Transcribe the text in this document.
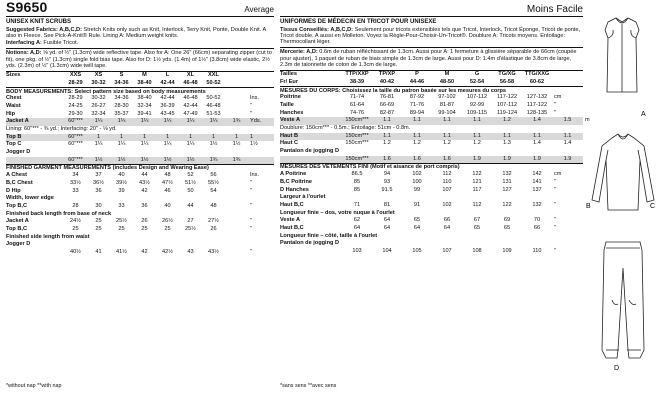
S9650	Average
UNISEX KNIT SCRUBS

Suggested Fabrics: A,B,C,D: Stretch Knits only such as Knit, Interlock, Terry Knit, Ponte, Double Knit. A also in Fleece. See Pick-A-Knit® Rule. Lining A: Medium weight knits.

Interfacing A: Fusible Tricot.

Notions: A,D: ⅝ yd. of ½" (1.3cm) wide reflective tape. Also for A: One 26" (66cm) separating zipper (cut to fit), one pkg. of ½" (1.3cm) single fold bias tape. Also for D: 1½ yds. (1.4m) of 1½" (3.8cm) wide elastic, 2½ yds. (2.3m) of ½" (1.3cm) wide twill tape.

Sizes	XXS	XS	S	M	L	XL	XXL		
	28-29	30-32	34-36	38-40	42-44	46-48	50-52		
BODY MEASUREMENTS: Select pattern size based on body measurements									
Chest	28-29	30-32	34-36	38-40	42-44	46-48	50-52		Ins.
Waist	24-25	26-27	28-30	32-34	36-39	42-44	46-48		"
Hip	29-30	32-34	35-37	39-41	43-45	47-49	51-53		"
Jacket A	60"***	1¼	1¼	1¼	1¼	1¼	1¼	1¾	Yds.
Lining: 60"*** - ⅜ yd.; Interfacing: 20" - ⅛ yd.									
Top B	60"***	1	1	1	1	1	1	1	1
Top C	60"***	1¼	1¼	1¼	1¼	1¼	1½	1½	1½
Jogger D									
	60"***	1½	1½	1½	1½	1½	1¾	1¾	
FINISHED GARMENT MEASUREMENTS (includes Design and Wearing Ease)									
A Chest	34	37	40	44	48	52	56		Ins.
B,C Chest	33½	36½	39½	43½	47½	51½	55½		"
D Hip	33	36	39	42	46	50	54		"
Width, lower edge									
Top B,C	28	30	33	36	40	44	48		"
Finished back length from base of neck									
Jacket A	24½	25	25½	26	26½	27	27½		"
Top B,C	25	25	25	25	25	25½	26		"
Finished side length from waist									
Jogger D									
	40½	41	41½	42	42½	43	43½		"
*without nap **with nap
Moins Facile
UNIFORMES DE MÉDECIN EN TRICOT POUR UNISEXE

Tissus Conseillés: A,B,C,D: Seulement pour tricots extensibles tels que Tricot, Interlock, Tricot Éponge, Tricot de ponte, Tricot double. A aussi en Molleton. Voyez la Règle-Pour-Choisir-Un-Tricot®. Doublure A: Tricots moyens. Entoilage: Thermocollant léger.

Mercerie: A,D: 0.6m de ruban réfléchissant de 1.3cm. Aussi pour A: 1 fermeture à glissière séparable de 66cm (coupée pour ajuster), 1 paquet de ruban de biais simple de 1.3cm de large. Aussi pour D: 1.4m d'élastique de 3.8cm de large, 2.3m de talonnette de coton de 1.3cm de large.

Tailles	TTP/XXP	TP/XP	P	M	G	TG/XG	TTG/XXG		
Fr/ Eur	38-39	40-42	44-46	48-50	52-54	56-58	60-62		
MESURES DU CORPS: Choisissez la taille du patron basée sur les mesures du corps									
Poitrine	71-74	76-81	87-92	97-102	107-112	117-122	127-132	cm	
Taille	61-64	66-69	71-76	81-87	92-99	107-112	117-122	"	
Hanches	74-76	82-87	89-94	99-104	109-115	119-124	128-135	"	
Veste A	150cm***	1.1	1.1	1.1	1.1	1.2	1.4	1.5	m
Doublure: 150cm*** - 0.5m.; Entoilage: 51cm - 0.8m.									
Haut B	150cm***	1.1	1.1	1.1	1.1	1.1	1.1	1.1	
Haut C	150cm***	1.2	1.2	1.2	1.2	1.3	1.4	1.4	
Pantalon de jogging D									
	150cm***	1.6	1.6	1.6	1.9	1.9	1.9	1.9	
MESURES DES VÊTEMENTS FINI (Motif et aisance de port compris)									
A Poitrine	86.5	94	102	112	122	132	142	cm	
B,C Poitrine	85	93	100	110	121	131	141	"	
D Hanches	85	91.5	99	107	117	127	137	"	
Largeur à l'ourlet									
Haut B,C	71	81	91	102	112	122	132	"	
Longueur finie – dos, votre nuque à l'ourlet									
Veste A	62	64	65	66	67	69	70	"	
Haut B,C	64	64	64	64	65	65	66	"	
Longueur finie – côté, taille à l'ourlet									
Pantalon de jogging D									
	103	104	105	107	108	109	110	"	
*sans sens **avec sens
A
B	C
D
